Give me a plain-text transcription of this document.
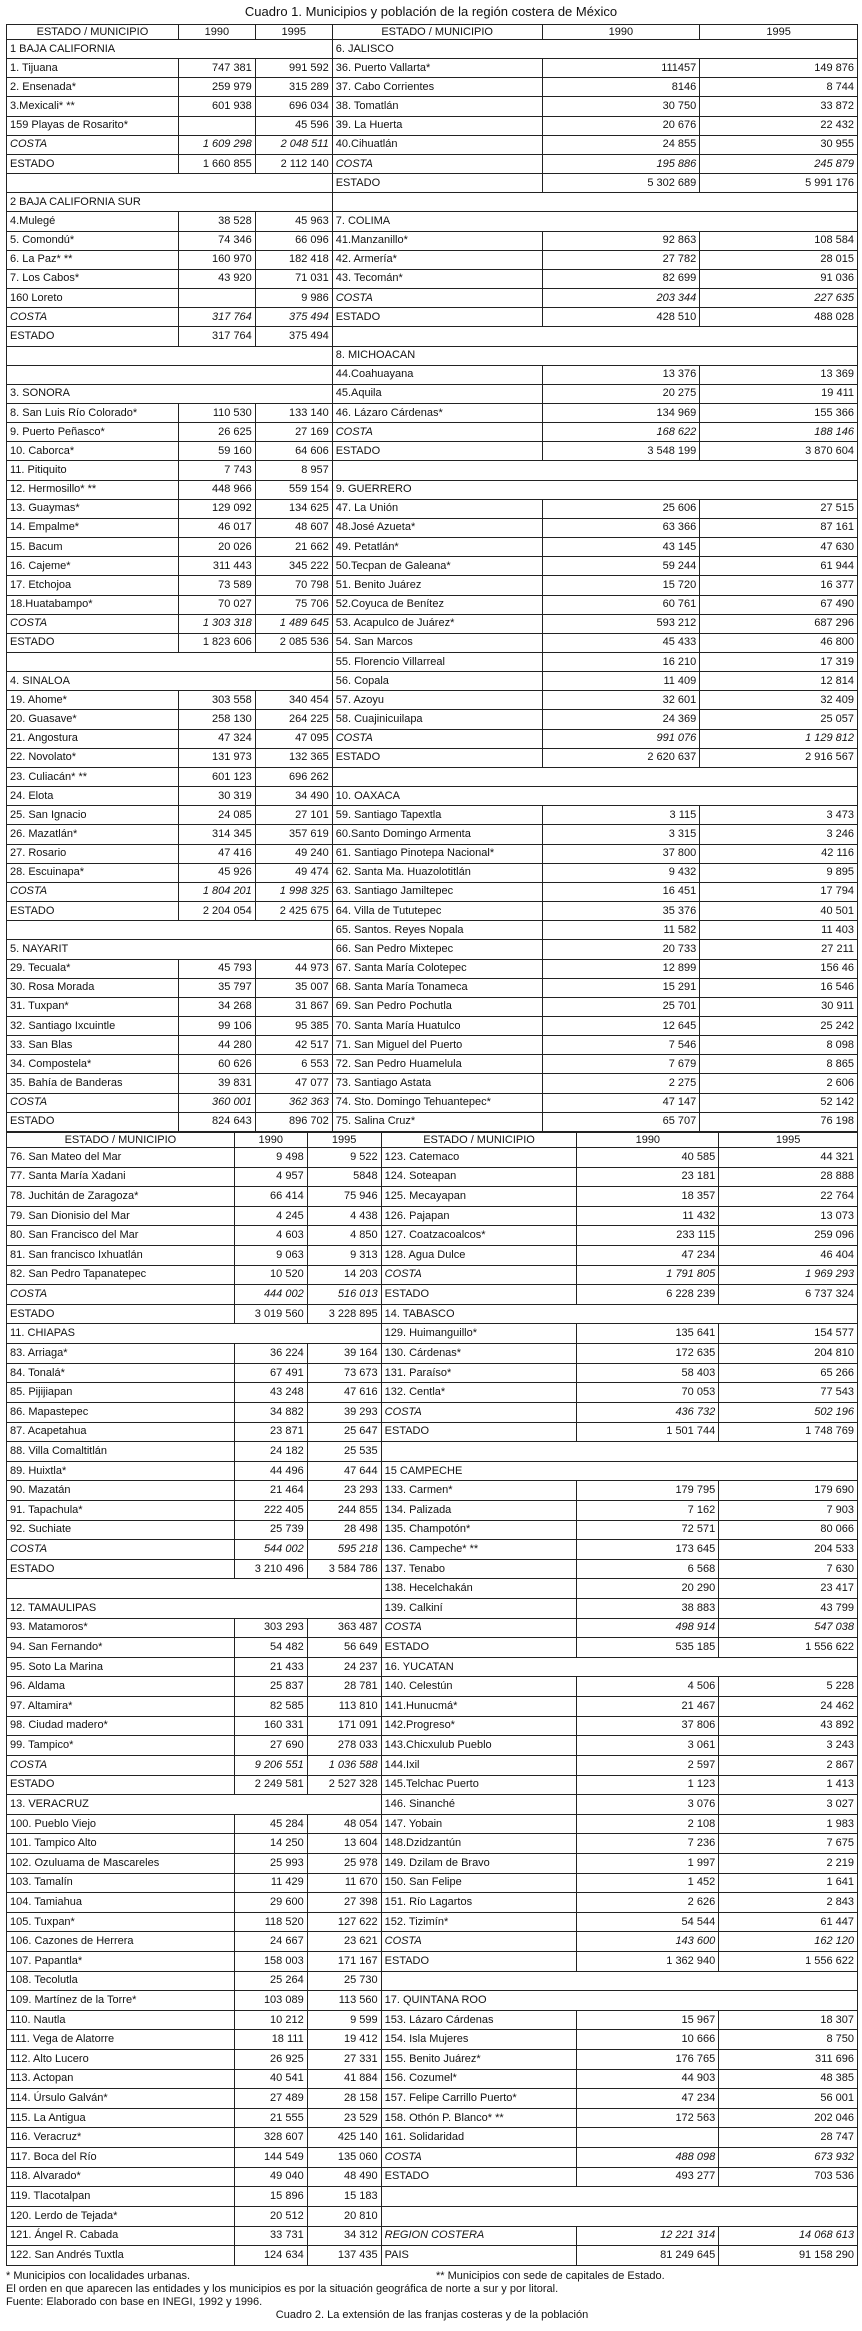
Cuadro 1. Municipios y población de la región costera de México
ESTADO / MUNICIPIO	1990	1995	ESTADO / MUNICIPIO	1990	1995
1 BAJA CALIFORNIA			6. JALISCO		
1. Tijuana	747 381	991 592	36. Puerto Vallarta*	111457	149 876
2. Ensenada*	259 979	315 289	37. Cabo Corrientes	8146	8 744
3.Mexicali* **	601 938	696 034	38. Tomatlán	30 750	33 872
159 Playas de Rosarito*		45 596	39. La Huerta	20 676	22 432
COSTA	1 609 298	2 048 511	40.Cihuatlán	24 855	30 955
ESTADO	1 660 855	2 112 140	COSTA	195 886	245 879
			ESTADO	5 302 689	5 991 176
2 BAJA CALIFORNIA SUR					
4.Mulegé	38 528	45 963	7. COLIMA		
5. Comondú*	74 346	66 096	41.Manzanillo*	92 863	108 584
6. La Paz* **	160 970	182 418	42. Armería*	27 782	28 015
7. Los Cabos*	43 920	71 031	43. Tecomán*	82 699	91 036
160 Loreto		9 986	COSTA	203 344	227 635
COSTA	317 764	375 494	ESTADO	428 510	488 028
ESTADO	317 764	375 494			
			8. MICHOACAN		
			44.Coahuayana	13 376	13 369
3. SONORA			45.Aquila	20 275	19 411
8. San Luis Río Colorado*	110 530	133 140	46. Lázaro Cárdenas*	134 969	155 366
9. Puerto Peñasco*	26 625	27 169	COSTA	168 622	188 146
10. Caborca*	59 160	64 606	ESTADO	3 548 199	3 870 604
11. Pitiquito	7 743	8 957			
12. Hermosillo* **	448 966	559 154	9. GUERRERO		
13. Guaymas*	129 092	134 625	47. La Unión	25 606	27 515
14. Empalme*	46 017	48 607	48.José Azueta*	63 366	87 161
15. Bacum	20 026	21 662	49. Petatlán*	43 145	47 630
16. Cajeme*	311 443	345 222	50.Tecpan de Galeana*	59 244	61 944
17. Etchojoa	73 589	70 798	51. Benito Juárez	15 720	16 377
18.Huatabampo*	70 027	75 706	52.Coyuca de Benítez	60 761	67 490
COSTA	1 303 318	1 489 645	53. Acapulco de Juárez*	593 212	687 296
ESTADO	1 823 606	2 085 536	54. San Marcos	45 433	46 800
			55. Florencio Villarreal	16 210	17 319
4. SINALOA			56. Copala	11 409	12 814
19. Ahome*	303 558	340 454	57. Azoyu	32 601	32 409
20. Guasave*	258 130	264 225	58. Cuajinicuilapa	24 369	25 057
21. Angostura	47 324	47 095	COSTA	991 076	1 129 812
22. Novolato*	131 973	132 365	ESTADO	2 620 637	2 916 567
23. Culiacán* **	601 123	696 262			
24. Elota	30 319	34 490	10. OAXACA		
25. San Ignacio	24 085	27 101	59. Santiago Tapextla	3 115	3 473
26. Mazatlán*	314 345	357 619	60.Santo Domingo Armenta	3 315	3 246
27. Rosario	47 416	49 240	61. Santiago Pinotepa Nacional*	37 800	42 116
28. Escuinapa*	45 926	49 474	62. Santa Ma. Huazolotitlán	9 432	9 895
COSTA	1 804 201	1 998 325	63. Santiago Jamiltepec	16 451	17 794
ESTADO	2 204 054	2 425 675	64. Villa de Tututepec	35 376	40 501
			65. Santos. Reyes Nopala	11 582	11 403
5. NAYARIT			66. San Pedro Mixtepec	20 733	27 211
29. Tecuala*	45 793	44 973	67. Santa María Colotepec	12 899	156 46
30. Rosa Morada	35 797	35 007	68. Santa María Tonameca	15 291	16 546
31. Tuxpan*	34 268	31 867	69. San Pedro Pochutla	25 701	30 911
32. Santiago Ixcuintle	99 106	95 385	70. Santa María Huatulco	12 645	25 242
33. San Blas	44 280	42 517	71. San Miguel del Puerto	7 546	8 098
34. Compostela*	60 626	6 553	72. San Pedro Huamelula	7 679	8 865
35. Bahía de Banderas	39 831	47 077	73. Santiago Astata	2 275	2 606
COSTA	360 001	362 363	74. Sto. Domingo Tehuantepec*	47 147	52 142
ESTADO	824 643	896 702	75. Salina Cruz*	65 707	76 198
ESTADO / MUNICIPIO	1990	1995	ESTADO / MUNICIPIO	1990	1995
76. San Mateo del Mar	9 498	9 522	123. Catemaco	40 585	44 321
77. Santa María Xadani	4 957	5848	124. Soteapan	23 181	28 888
78. Juchitán de Zaragoza*	66 414	75 946	125. Mecayapan	18 357	22 764
79. San Dionisio del Mar	4 245	4 438	126. Pajapan	11 432	13 073
80. San Francisco del Mar	4 603	4 850	127. Coatzacoalcos*	233 115	259 096
81. San francisco Ixhuatlán	9 063	9 313	128. Agua Dulce	47 234	46 404
82. San Pedro Tapanatepec	10 520	14 203	COSTA	1 791 805	1 969 293
COSTA	444 002	516 013	ESTADO	6 228 239	6 737 324
ESTADO	3 019 560	3 228 895	14. TABASCO		
11. CHIAPAS			129. Huimanguillo*	135 641	154 577
83. Arriaga*	36 224	39 164	130. Cárdenas*	172 635	204 810
84. Tonalá*	67 491	73 673	131. Paraíso*	58 403	65 266
85. Pijijiapan	43 248	47 616	132. Centla*	70 053	77 543
86. Mapastepec	34 882	39 293	COSTA	436 732	502 196
87. Acapetahua	23 871	25 647	ESTADO	1 501 744	1 748 769
88. Villa Comaltitlán	24 182	25 535			
89. Huixtla*	44 496	47 644	15 CAMPECHE		
90. Mazatán	21 464	23 293	133. Carmen*	179 795	179 690
91. Tapachula*	222 405	244 855	134. Palizada	7 162	7 903
92. Suchiate	25 739	28 498	135. Champotón*	72 571	80 066
COSTA	544 002	595 218	136. Campeche* **	173 645	204 533
ESTADO	3 210 496	3 584 786	137. Tenabo	6 568	7 630
			138. Hecelchakán	20 290	23 417
12. TAMAULIPAS			139. Calkiní	38 883	43 799
93. Matamoros*	303 293	363 487	COSTA	498 914	547 038
94. San Fernando*	54 482	56 649	ESTADO	535 185	1 556 622
95. Soto La Marina	21 433	24 237	16. YUCATAN		
96. Aldama	25 837	28 781	140. Celestún	4 506	5 228
97. Altamira*	82 585	113 810	141.Hunucmá*	21 467	24 462
98. Ciudad madero*	160 331	171 091	142.Progreso*	37 806	43 892
99. Tampico*	27 690	278 033	143.Chicxulub Pueblo	3 061	3 243
COSTA	9 206 551	1 036 588	144.Ixil	2 597	2 867
ESTADO	2 249 581	2 527 328	145.Telchac Puerto	1 123	1 413
13. VERACRUZ			146. Sinanché	3 076	3 027
100. Pueblo Viejo	45 284	48 054	147. Yobain	2 108	1 983
101. Tampico Alto	14 250	13 604	148.Dzidzantún	7 236	7 675
102. Ozuluama de Mascareles	25 993	25 978	149. Dzilam de Bravo	1 997	2 219
103. Tamalín	11 429	11 670	150. San Felipe	1 452	1 641
104. Tamiahua	29 600	27 398	151. Río Lagartos	2 626	2 843
105. Tuxpan*	118 520	127 622	152. Tizimín*	54 544	61 447
106. Cazones de Herrera	24 667	23 621	COSTA	143 600	162 120
107. Papantla*	158 003	171 167	ESTADO	1 362 940	1 556 622
108. Tecolutla	25 264	25 730			
109. Martínez de la Torre*	103 089	113 560	17. QUINTANA ROO		
110. Nautla	10 212	9 599	153. Lázaro Cárdenas	15 967	18 307
111. Vega de Alatorre	18 111	19 412	154. Isla Mujeres	10 666	8 750
112. Alto Lucero	26 925	27 331	155. Benito Juárez*	176 765	311 696
113. Actopan	40 541	41 884	156. Cozumel*	44 903	48 385
114. Úrsulo Galván*	27 489	28 158	157. Felipe Carrillo Puerto*	47 234	56 001
115. La Antigua	21 555	23 529	158. Othón P. Blanco* **	172 563	202 046
116. Veracruz*	328 607	425 140	161. Solidaridad		28 747
117. Boca del Río	144 549	135 060	COSTA	488 098	673 932
118. Alvarado*	49 040	48 490	ESTADO	493 277	703 536
119. Tlacotalpan	15 896	15 183			
120. Lerdo de Tejada*	20 512	20 810			
121. Ángel R. Cabada	33 731	34 312	REGION COSTERA	12 221 314	14 068 613
122. San Andrés Tuxtla	124 634	137 435	PAIS	81 249 645	91 158 290
* Municipios con localidades urbanas.	** Municipios con sede de capitales de Estado.
El orden en que aparecen las entidades y los municipios es por la situación geográfica de norte a sur y por litoral.
Fuente: Elaborado con base en INEGI, 1992 y 1996.
Cuadro 2. La extensión de las franjas costeras y de la población
